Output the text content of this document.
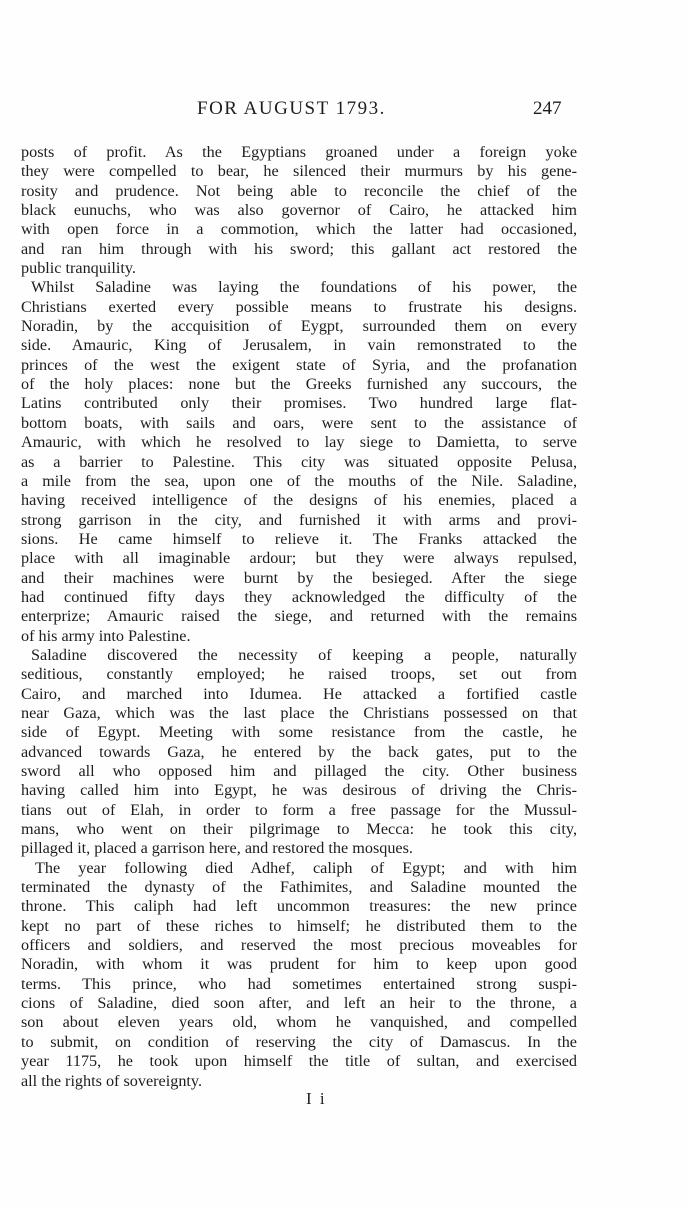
FOR AUGUST 1793.	247
posts of profit. As the Egyptians groaned under a foreign yoke
they were compelled to bear, he silenced their murmurs by his gene-
rosity and prudence. Not being able to reconcile the chief of the
black eunuchs, who was also governor of Cairo, he attacked him
with open force in a commotion, which the latter had occasioned,
and ran him through with his sword; this gallant act restored the
public tranquility.
Whilst Saladine was laying the foundations of his power, the
Christians exerted every possible means to frustrate his designs.
Noradin, by the accquisition of Eygpt, surrounded them on every
side. Amauric, King of Jerusalem, in vain remonstrated to the
princes of the west the exigent state of Syria, and the profanation
of the holy places: none but the Greeks furnished any succours, the
Latins contributed only their promises. Two hundred large flat-
bottom boats, with sails and oars, were sent to the assistance of
Amauric, with which he resolved to lay siege to Damietta, to serve
as a barrier to Palestine. This city was situated opposite Pelusa,
a mile from the sea, upon one of the mouths of the Nile. Saladine,
having received intelligence of the designs of his enemies, placed a
strong garrison in the city, and furnished it with arms and provi-
sions. He came himself to relieve it. The Franks attacked the
place with all imaginable ardour; but they were always repulsed,
and their machines were burnt by the besieged. After the siege
had continued fifty days they acknowledged the difficulty of the
enterprize; Amauric raised the siege, and returned with the remains
of his army into Palestine.
Saladine discovered the necessity of keeping a people, naturally
seditious, constantly employed; he raised troops, set out from
Cairo, and marched into Idumea. He attacked a fortified castle
near Gaza, which was the last place the Christians possessed on that
side of Egypt. Meeting with some resistance from the castle, he
advanced towards Gaza, he entered by the back gates, put to the
sword all who opposed him and pillaged the city. Other business
having called him into Egypt, he was desirous of driving the Chris-
tians out of Elah, in order to form a free passage for the Mussul-
mans, who went on their pilgrimage to Mecca: he took this city,
pillaged it, placed a garrison here, and restored the mosques.
The year following died Adhef, caliph of Egypt; and with him
terminated the dynasty of the Fathimites, and Saladine mounted the
throne. This caliph had left uncommon treasures: the new prince
kept no part of these riches to himself; he distributed them to the
officers and soldiers, and reserved the most precious moveables for
Noradin, with whom it was prudent for him to keep upon good
terms. This prince, who had sometimes entertained strong suspi-
cions of Saladine, died soon after, and left an heir to the throne, a
son about eleven years old, whom he vanquished, and compelled
to submit, on condition of reserving the city of Damascus. In the
year 1175, he took upon himself the title of sultan, and exercised
all the rights of sovereignty.
I i
